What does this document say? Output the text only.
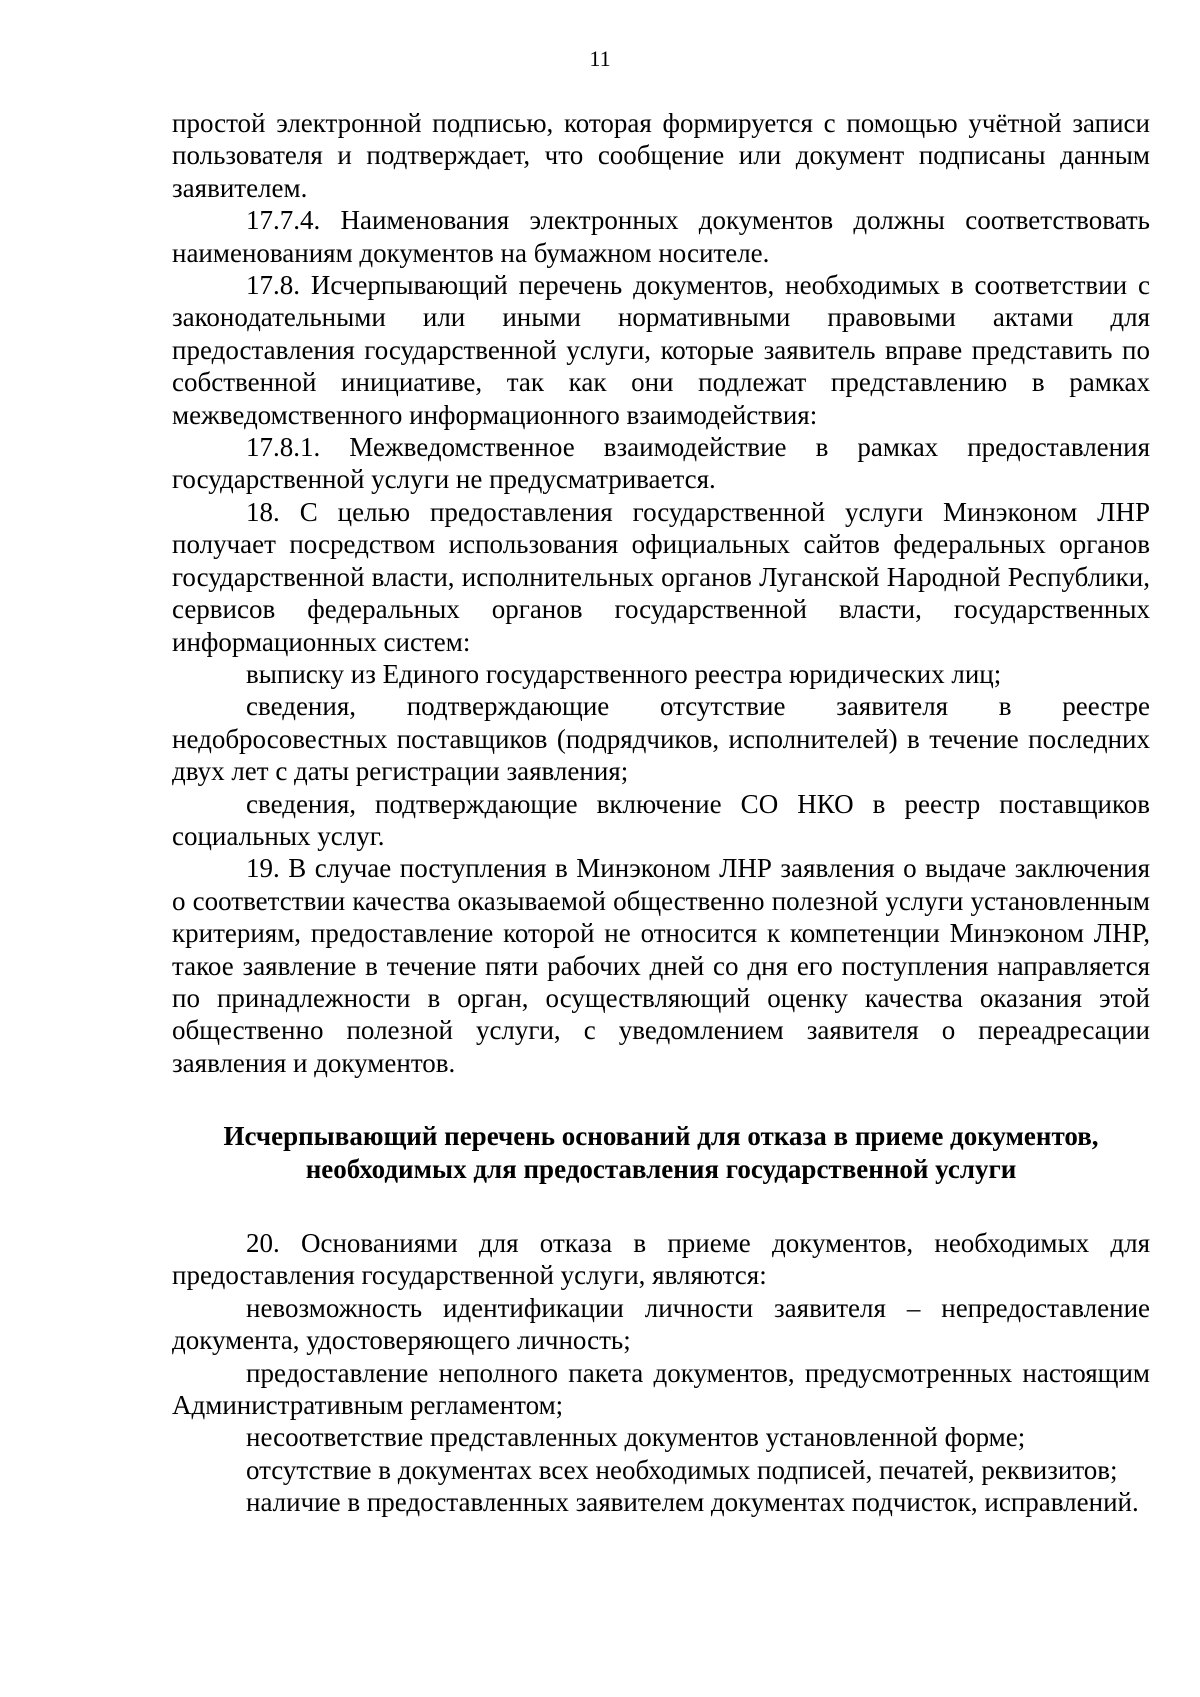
11

простой электронной подписью, которая формируется с помощью учётной записи пользователя и подтверждает, что сообщение или документ подписаны данным заявителем.

17.7.4. Наименования электронных документов должны соответствовать наименованиям документов на бумажном носителе.

17.8. Исчерпывающий перечень документов, необходимых в соответствии с законодательными или иными нормативными правовыми актами для предоставления государственной услуги, которые заявитель вправе представить по собственной инициативе, так как они подлежат представлению в рамках межведомственного информационного взаимодействия:

17.8.1. Межведомственное взаимодействие в рамках предоставления государственной услуги не предусматривается.

18. С целью предоставления государственной услуги Минэконом ЛНР получает посредством использования официальных сайтов федеральных органов государственной власти, исполнительных органов Луганской Народной Республики, сервисов федеральных органов государственной власти, государственных информационных систем:

выписку из Единого государственного реестра юридических лиц;

сведения, подтверждающие отсутствие заявителя в реестре недобросовестных поставщиков (подрядчиков, исполнителей) в течение последних двух лет с даты регистрации заявления;

сведения, подтверждающие включение СО НКО в реестр поставщиков социальных услуг.

19. В случае поступления в Минэконом ЛНР заявления о выдаче заключения о соответствии качества оказываемой общественно полезной услуги установленным критериям, предоставление которой не относится к компетенции Минэконом ЛНР, такое заявление в течение пяти рабочих дней со дня его поступления направляется по принадлежности в орган, осуществляющий оценку качества оказания этой общественно полезной услуги, с уведомлением заявителя о переадресации заявления и документов.

Исчерпывающий перечень оснований для отказа в приеме документов,
необходимых для предоставления государственной услуги

20. Основаниями для отказа в приеме документов, необходимых для предоставления государственной услуги, являются:

невозможность идентификации личности заявителя – непредоставление документа, удостоверяющего личность;

предоставление неполного пакета документов, предусмотренных настоящим Административным регламентом;

несоответствие представленных документов установленной форме;

отсутствие в документах всех необходимых подписей, печатей, реквизитов;

наличие в предоставленных заявителем документах подчисток, исправлений.
